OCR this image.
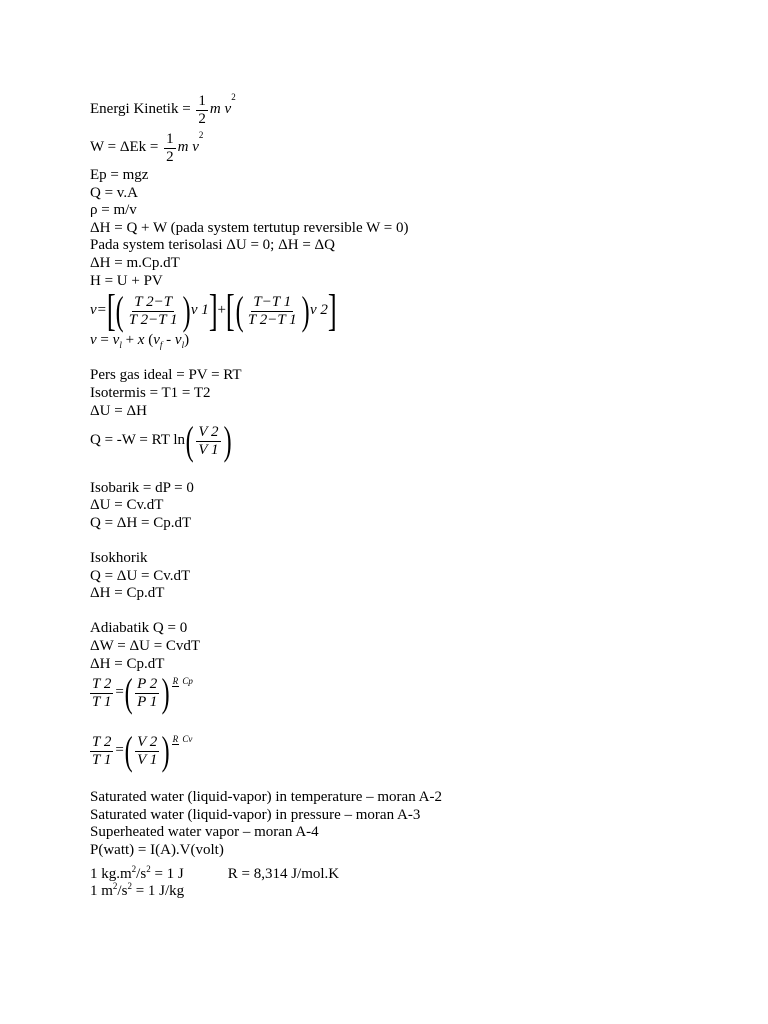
Energi Kinetik =
$\frac{1}{2}$ m
v
2
W = ΔEk =
$\frac{1}{2}$ m
v
2
Ep = mgz
Q = v.A
ρ = m/v
ΔH = Q + W (pada system tertutup reversible W = 0)
Pada system terisolasi ΔU = 0; ΔH = ΔQ
ΔH = m.Cp.dT
H = U + PV
v= [ ( $\frac{T 2-T}{T 2-T 1}$ ) v 1 ] + [ ( $\frac{T-T 1}{T 2-T 1}$ ) v 2 ]
$v = v_l + x$ $(v_f - v_l)$
Pers gas ideal = PV = RT
Isotermis = T1 = T2
ΔU = ΔH
Q = -W = RT ln ( $\frac{V 2}{V 1}$ )
Isobarik = dP = 0
ΔU = Cv.dT
Q = ΔH = Cp.dT
Isokhorik
Q = ΔU = Cv.dT
ΔH = Cp.dT
Adiabatik Q = 0
ΔW = ΔU = CvdT
ΔH = Cp.dT
$\frac{T 2}{T 1}$ = ( $\frac{P 2}{P 1}$ ) R Cp
$\frac{T 2}{T 1}$ = ( $\frac{V 2}{V 1}$ ) R Cv
Saturated water (liquid-vapor) in temperature – moran A-2
Saturated water (liquid-vapor) in pressure – moran A-3
Superheated water vapor – moran A-4
P(watt) = I(A).V(volt)
1 $kg.m^2/s^2 = 1$ J	R = 8,314 J/mol.K
1 $m^2/s^2 = 1$ J/kg
